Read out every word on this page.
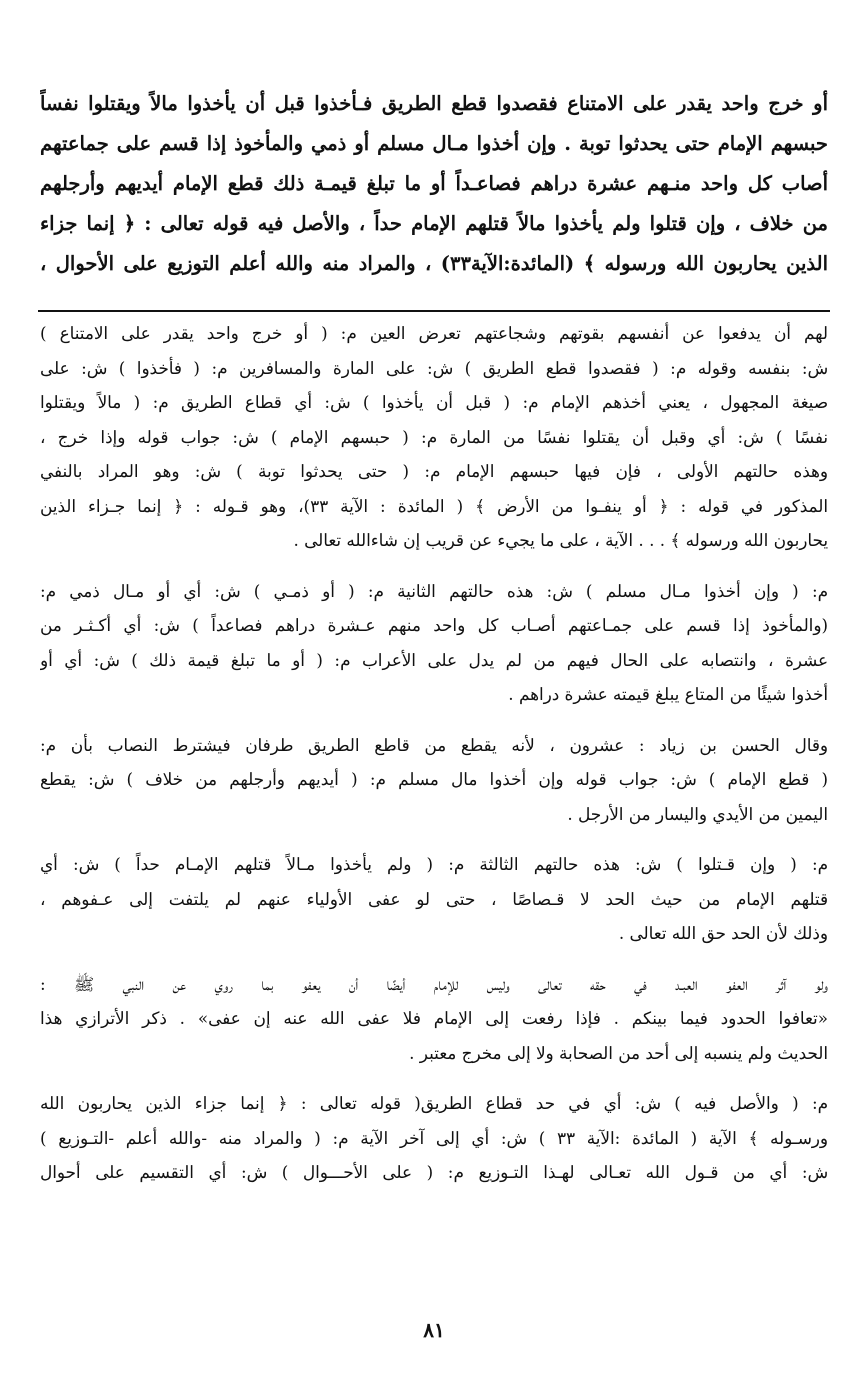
أو خرج واحد يقدر على الامتناع فقصدوا قطع الطريق فـأخذوا قبل أن يأخذوا مالاً ويقتلوا نفساً
حبسهم الإمام حتى يحدثوا توبة . وإن أخذوا مـال مسلم أو ذمي والمأخوذ إذا قسم على جماعتهم
أصاب كل واحد منـهم عشرة دراهم فصاعـداً أو ما تبلغ قيمـة ذلك قطع الإمام أيديهم وأرجلهم
من خلاف ، وإن قتلوا ولم يأخذوا مالاً قتلهم الإمام حداً ، والأصل فيه قوله تعالى : ﴿ إنما جزاء
الذين يحاربون الله ورسوله ﴾ (المائدة:الآية٣٣) ، والمراد منه والله أعلم التوزيع على الأحوال ،
لهم أن يدفعوا عن أنفسهم بقوتهم وشجاعتهم تعرض العين م: ( أو خرج واحد يقدر على الامتناع )
ش: بنفسه وقوله م: ( فقصدوا قطع الطريق ) ش: على المارة والمسافرين م: ( فأخذوا ) ش: على
صيغة المجهول ، يعني أخذهم الإمام م: ( قبل أن يأخذوا ) ش: أي قطاع الطريق م: ( مالاً ويقتلوا
نفسًا ) ش: أي وقبل أن يقتلوا نفسًا من المارة م: ( حبسهم الإمام ) ش: جواب قوله وإذا خرج ،
وهذه حالتهم الأولى ، فإن فيها حبسهم الإمام م: ( حتى يحدثوا توبة ) ش: وهو المراد بالنفي
المذكور في قوله : ﴿ أو ينفـوا من الأرض ﴾ ( المائدة : الآية ٣٣)، وهو قـوله : ﴿ إنما جـزاء الذين
يحاربون الله ورسوله ﴾ . . . الآية ، على ما يجيء عن قريب إن شاءالله تعالى .
م: ( وإن أخذوا مـال مسلم ) ش: هذه حالتهم الثانية م: ( أو ذمـي ) ش: أي أو مـال ذمي م:
(والمأخوذ إذا قسم على جمـاعتهم أصـاب كل واحد منهم عـشرة دراهم فصاعداً ) ش: أي أكـثـر من
عشرة ، وانتصابه على الحال فيهم من لم يدل على الأعراب م: ( أو ما تبلغ قيمة ذلك ) ش: أي أو
أخذوا شيئًا من المتاع يبلغ قيمته عشرة دراهم .
وقال الحسن بن زياد : عشرون ، لأنه يقطع من قاطع الطريق طرفان فيشترط النصاب بأن م:
( قطع الإمام ) ش: جواب قوله وإن أخذوا مال مسلم م: ( أيديهم وأرجلهم من خلاف ) ش: يقطع
اليمين من الأيدي واليسار من الأرجل .
م: ( وإن قـتلوا ) ش: هذه حالتهم الثالثة م: ( ولم يأخذوا مـالاً قتلهم الإمـام حداً ) ش: أي
قتلهم الإمام من حيث الحد لا قـصاصًا ، حتى لو عفى الأولياء عنهم لم يلتفت إلى عـفوهم ،
وذلك لأن الحد حق الله تعالى .
ولو آثر العفو العبـد في حقه تعالى وليس للإمام أيضًا أن يعفو بما روي عن النبي ﷺ :
«تعافوا الحدود فيما بينكم . فإذا رفعت إلى الإمام فلا عفى الله عنه إن عفى» . ذكر الأترازي هذا
الحديث ولم ينسبه إلى أحد من الصحابة ولا إلى مخرج معتبر .
م: ( والأصل فيه ) ش: أي في حد قطاع الطريق( قوله تعالى : ﴿ إنما جزاء الذين يحاربون الله
ورسـوله ﴾ الآية ( المائدة :الآية ٣٣ ) ش: أي إلى آخر الآية م: ( والمراد منه -والله أعلم -التـوزيع )
ش: أي من قـول الله تعـالى لهـذا التـوزيع م: ( على الأحـــوال ) ش: أي التقسيم على أحوال
٨١
